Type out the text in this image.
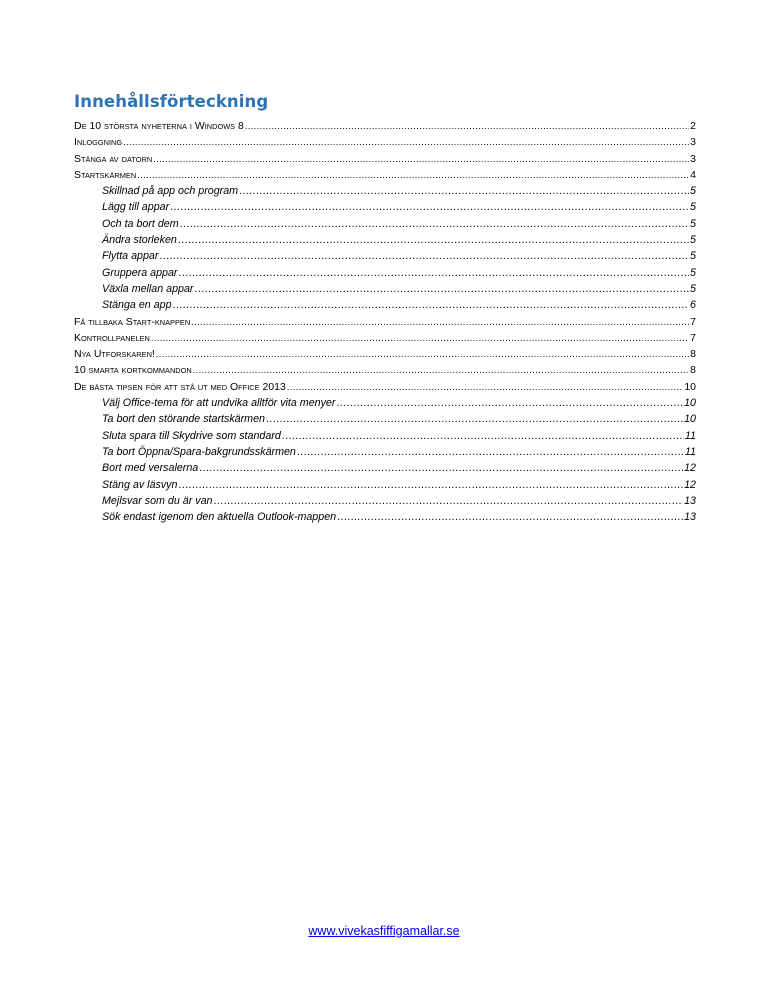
Innehållsförteckning
DE 10 STÖRSTA NYHETERNA I WINDOWS 8 .....	2
INLOGGNING .....	3
STÄNGA AV DATORN .....	3
STARTSKÄRMEN .....	4
Skillnad på app och program .....	5
Lägg till appar .....	5
Och ta bort dem .....	5
Ändra storleken .....	5
Flytta appar .....	5
Gruppera appar .....	5
Växla mellan appar .....	5
Stänga en app .....	6
FÅ TILLBAKA START-KNAPPEN .....	7
KONTROLLPANELEN .....	7
NYA UTFORSKAREN! .....	8
10 SMARTA KORTKOMMANDON .....	8
DE BÄSTA TIPSEN FÖR ATT STÅ UT MED OFFICE 2013 .....	10
Välj Office-tema för att undvika alltför vita menyer .....	10
Ta bort den störande startskärmen .....	10
Sluta spara till Skydrive som standard .....	11
Ta bort Öppna/Spara-bakgrundsskärmen .....	11
Bort med versalerna .....	12
Stäng av läsvyn .....	12
Mejlsvar som du är van .....	13
Sök endast igenom den aktuella Outlook-mappen .....	13
www.vivekasfiffigamallar.se
